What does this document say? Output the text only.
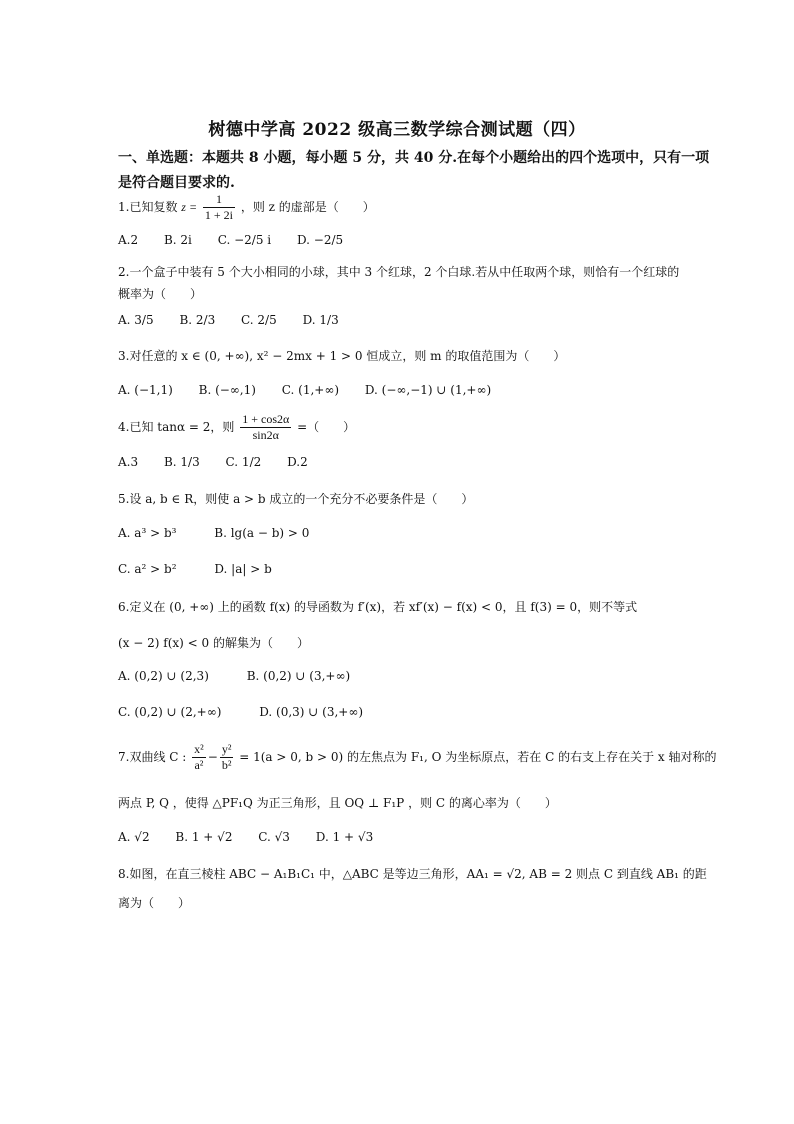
树德中学高 2022 级高三数学综合测试题（四）
一、单选题：本题共 8 小题，每小题 5 分，共 40 分.在每个小题给出的四个选项中，只有一项
是符合题目要求的.
1.已知复数 $z = \frac{1}{1 + 2i}$ ，则 z 的虚部是（　　）
A.2 B. 2i C. −2/5 i D. −2/5
2.一个盒子中装有 5 个大小相同的小球，其中 3 个红球，2 个白球.若从中任取两个球，则恰有一个红球的
概率为（　　）
A. 3/5 B. 2/3 C. 2/5 D. 1/3
3.对任意的 x ∈ (0, +∞), x² − 2mx + 1 > 0 恒成立，则 m 的取值范围为（　　）
A. (−1,1) B. (−∞,1) C. (1,+∞) D. (−∞,−1) ∪ (1,+∞)
4.已知 tanα = 2，则 $\frac{1 + \cos 2\alpha}{\sin 2\alpha}$ =（　　）
A.3 B. 1/3 C. 1/2 D.2
5.设 a, b ∈ R，则使 a > b 成立的一个充分不必要条件是（　　）
A. a³ > b³	B. lg(a − b) > 0
C. a² > b²	D. |a| > b
6.定义在 (0, +∞) 上的函数 f(x) 的导函数为 f′(x)，若 xf′(x) − f(x) < 0，且 f(3) = 0，则不等式
(x − 2) f(x) < 0 的解集为（　　）
A. (0,2) ∪ (2,3)	B. (0,2) ∪ (3,+∞)
C. (0,2) ∪ (2,+∞)	D. (0,3) ∪ (3,+∞)
7.双曲线 C : $\frac{\text{x²}}{\text{a²}} - \frac{\text{y²}}{\text{b²}} = 1(a > 0$, b > 0) 的左焦点为 F₁, O 为坐标原点，若在 C 的右支上存在关于 x 轴对称的
两点 P, Q ，使得 △PF₁Q 为正三角形，且 OQ ⊥ F₁P ，则 C 的离心率为（　　）
A. √2 B. 1 + √2 C. √3 D. 1 + √3
8.如图，在直三棱柱 ABC − A₁B₁C₁ 中，△ABC 是等边三角形，AA₁ = √2, AB = 2 则点 C 到直线 AB₁ 的距
离为（　　）
